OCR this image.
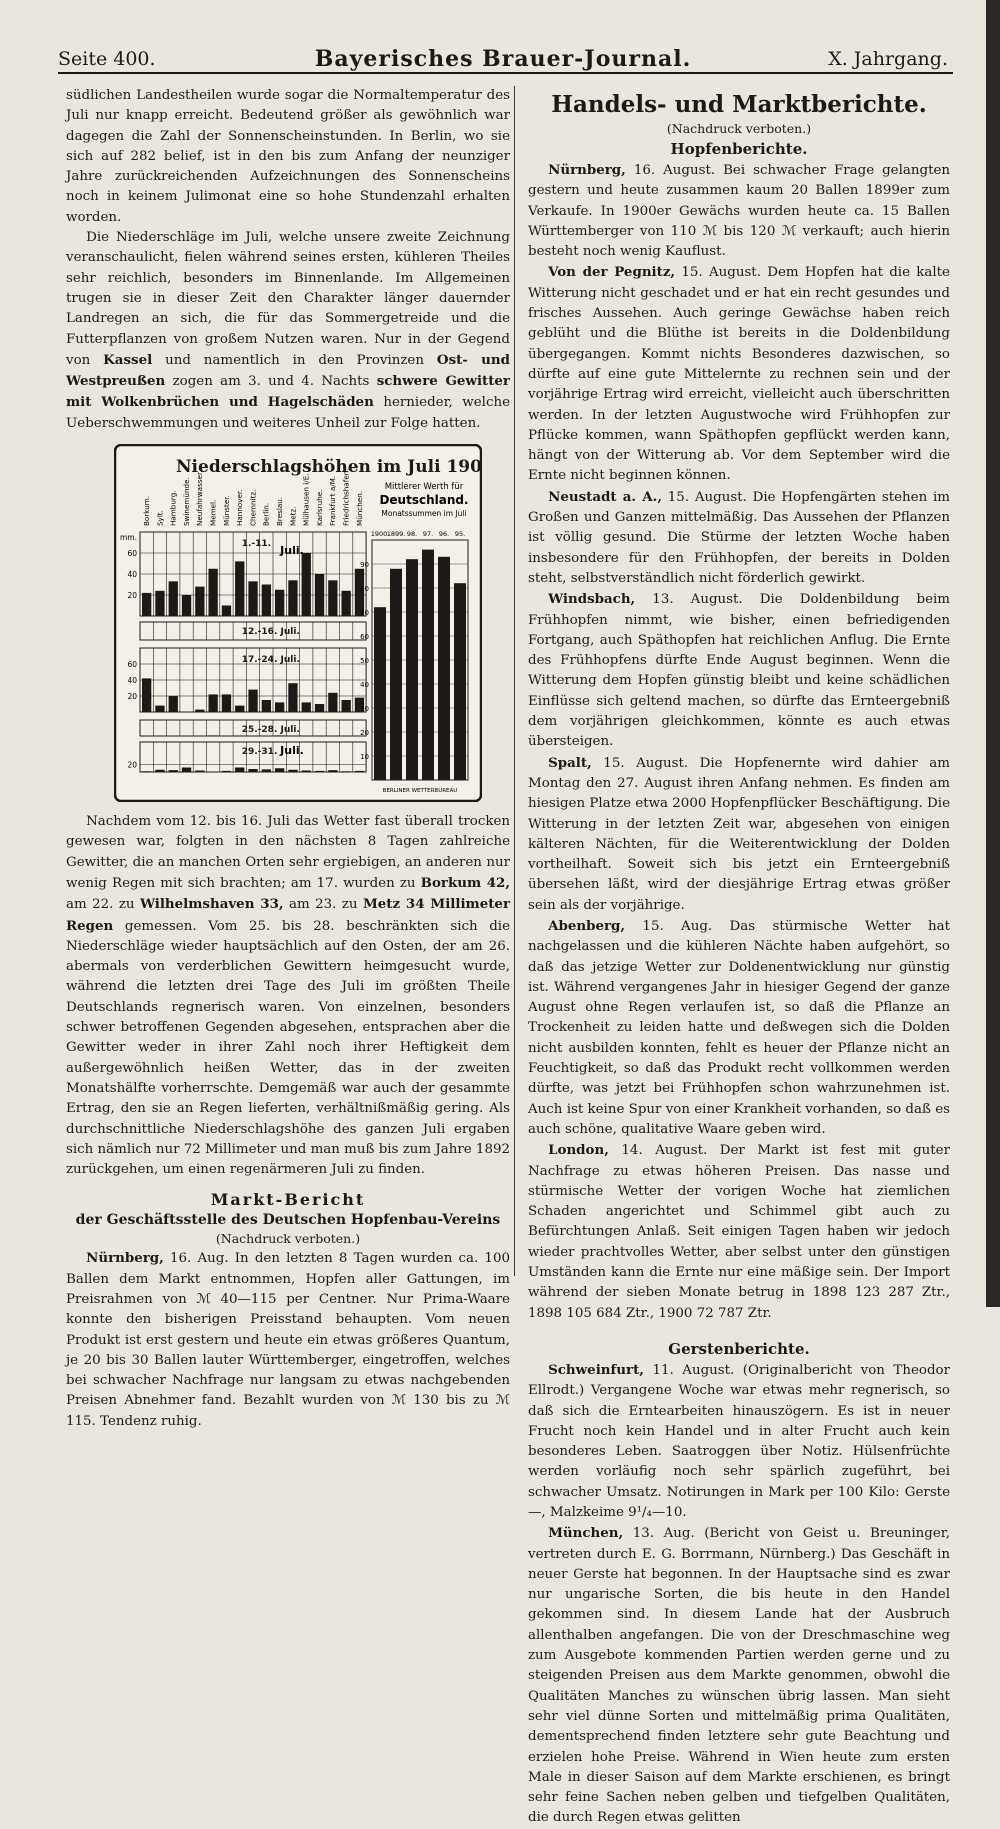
Seite 400.	Bayerisches Brauer-Journal.	X. Jahrgang.

südlichen Landestheilen wurde sogar die Normaltemperatur des Juli nur knapp erreicht. Bedeutend größer als gewöhnlich war dagegen die Zahl der Sonnenscheinstunden. In Berlin, wo sie sich auf 282 belief, ist in den bis zum Anfang der neunziger Jahre zurückreichenden Aufzeichnungen des Sonnenscheins noch in keinem Julimonat eine so hohe Stundenzahl erhalten worden.

Die Niederschläge im Juli, welche unsere zweite Zeichnung veranschaulicht, fielen während seines ersten, kühleren Theiles sehr reichlich, besonders im Binnenlande. Im Allgemeinen trugen sie in dieser Zeit den Charakter länger dauernder Landregen an sich, die für das Sommergetreide und die Futterpflanzen von großem Nutzen waren. Nur in der Gegend von Kassel und namentlich in den Provinzen Ost- und Westpreußen zogen am 3. und 4. Nachts schwere Gewitter mit Wolkenbrüchen und Hagelschäden hernieder, welche Ueberschwemmungen und weiteres Unheil zur Folge hatten.

Niederschlagshöhen im Juli 1900.
Mittlerer Werth für
Deutschland.
Monatssummen im Juli
Borkum. Sylt. Hamburg. Swinemünde. Neufahrwasser. Memel. Münster. Hannover. Chemnitz. Berlin. Breslau. Metz. Mülhausen i/E. Karlsruhe. Frankfurt a/M. Friedrichshafen. München.
20
40
60
1.-11. Juli.
12.-16. Juli.
20
40
60	17.-24. Juli.
25.-28. Juli.
20
29.-31. Juli.
mm.	1900.
1899. 98. 97. 96. 95.
10
20
30
40
50
60
70
80
90
BERLINER WETTERBUREAU

Nachdem vom 12. bis 16. Juli das Wetter fast überall trocken gewesen war, folgten in den nächsten 8 Tagen zahlreiche Gewitter, die an manchen Orten sehr ergiebigen, an anderen nur wenig Regen mit sich brachten; am 17. wurden zu Borkum 42, am 22. zu Wilhelmshaven 33, am 23. zu Metz 34 Millimeter Regen gemessen. Vom 25. bis 28. beschränkten sich die Niederschläge wieder hauptsächlich auf den Osten, der am 26. abermals von verderblichen Gewittern heimgesucht wurde, während die letzten drei Tage des Juli im größten Theile Deutschlands regnerisch waren. Von einzelnen, besonders schwer betroffenen Gegenden abgesehen, entsprachen aber die Gewitter weder in ihrer Zahl noch ihrer Heftigkeit dem außergewöhnlich heißen Wetter, das in der zweiten Monatshälfte vorherrschte. Demgemäß war auch der gesammte Ertrag, den sie an Regen lieferten, verhältnißmäßig gering. Als durchschnittliche Niederschlagshöhe des ganzen Juli ergaben sich nämlich nur 72 Millimeter und man muß bis zum Jahre 1892 zurückgehen, um einen regenärmeren Juli zu finden.

Markt-Bericht
der Geschäftsstelle des Deutschen Hopfenbau-Vereins
(Nachdruck verboten.)

Nürnberg, 16. Aug. In den letzten 8 Tagen wurden ca. 100 Ballen dem Markt entnommen, Hopfen aller Gattungen, im Preisrahmen von ℳ 40—115 per Centner. Nur Prima-Waare konnte den bisherigen Preisstand behaupten. Vom neuen Produkt ist erst gestern und heute ein etwas größeres Quantum, je 20 bis 30 Ballen lauter Württemberger, eingetroffen, welches bei schwacher Nachfrage nur langsam zu etwas nachgebenden Preisen Abnehmer fand. Bezahlt wurden von ℳ 130 bis zu ℳ 115. Tendenz ruhig.

Handels- und Marktberichte.
(Nachdruck verboten.)
Hopfenberichte.

Nürnberg, 16. August. Bei schwacher Frage gelangten gestern und heute zusammen kaum 20 Ballen 1899er zum Verkaufe. In 1900er Gewächs wurden heute ca. 15 Ballen Württemberger von 110 ℳ bis 120 ℳ verkauft; auch hierin besteht noch wenig Kauflust.

Von der Pegnitz, 15. August. Dem Hopfen hat die kalte Witterung nicht geschadet und er hat ein recht gesundes und frisches Aussehen. Auch geringe Gewächse haben reich geblüht und die Blüthe ist bereits in die Doldenbildung übergegangen. Kommt nichts Besonderes dazwischen, so dürfte auf eine gute Mittelernte zu rechnen sein und der vorjährige Ertrag wird erreicht, vielleicht auch überschritten werden. In der letzten Augustwoche wird Frühhopfen zur Pflücke kommen, wann Späthopfen gepflückt werden kann, hängt von der Witterung ab. Vor dem September wird die Ernte nicht beginnen können.

Neustadt a. A., 15. August. Die Hopfengärten stehen im Großen und Ganzen mittelmäßig. Das Aussehen der Pflanzen ist völlig gesund. Die Stürme der letzten Woche haben insbesondere für den Frühhopfen, der bereits in Dolden steht, selbstverständlich nicht förderlich gewirkt.

Windsbach, 13. August. Die Doldenbildung beim Frühhopfen nimmt, wie bisher, einen befriedigenden Fortgang, auch Späthopfen hat reichlichen Anflug. Die Ernte des Frühhopfens dürfte Ende August beginnen. Wenn die Witterung dem Hopfen günstig bleibt und keine schädlichen Einflüsse sich geltend machen, so dürfte das Ernteergebniß dem vorjährigen gleichkommen, könnte es auch etwas übersteigen.

Spalt, 15. August. Die Hopfenernte wird dahier am Montag den 27. August ihren Anfang nehmen. Es finden am hiesigen Platze etwa 2000 Hopfenpflücker Beschäftigung. Die Witterung in der letzten Zeit war, abgesehen von einigen kälteren Nächten, für die Weiterentwicklung der Dolden vortheilhaft. Soweit sich bis jetzt ein Ernteergebniß übersehen läßt, wird der diesjährige Ertrag etwas größer sein als der vorjährige.

Abenberg, 15. Aug. Das stürmische Wetter hat nachgelassen und die kühleren Nächte haben aufgehört, so daß das jetzige Wetter zur Doldenentwicklung nur günstig ist. Während vergangenes Jahr in hiesiger Gegend der ganze August ohne Regen verlaufen ist, so daß die Pflanze an Trockenheit zu leiden hatte und deßwegen sich die Dolden nicht ausbilden konnten, fehlt es heuer der Pflanze nicht an Feuchtigkeit, so daß das Produkt recht vollkommen werden dürfte, was jetzt bei Frühhopfen schon wahrzunehmen ist. Auch ist keine Spur von einer Krankheit vorhanden, so daß es auch schöne, qualitative Waare geben wird.

London, 14. August. Der Markt ist fest mit guter Nachfrage zu etwas höheren Preisen. Das nasse und stürmische Wetter der vorigen Woche hat ziemlichen Schaden angerichtet und Schimmel gibt auch zu Befürchtungen Anlaß. Seit einigen Tagen haben wir jedoch wieder prachtvolles Wetter, aber selbst unter den günstigen Umständen kann die Ernte nur eine mäßige sein. Der Import während der sieben Monate betrug in 1898 123 287 Ztr., 1898 105 684 Ztr., 1900 72 787 Ztr.

Gerstenberichte.

Schweinfurt, 11. August. (Originalbericht von Theodor Ellrodt.) Vergangene Woche war etwas mehr regnerisch, so daß sich die Erntearbeiten hinauszögern. Es ist in neuer Frucht noch kein Handel und in alter Frucht auch kein besonderes Leben. Saatroggen über Notiz. Hülsenfrüchte werden vorläufig noch sehr spärlich zugeführt, bei schwacher Umsatz. Notirungen in Mark per 100 Kilo: Gerste —, Malzkeime 9¹/₄—10.

München, 13. Aug. (Bericht von Geist u. Breuninger, vertreten durch E. G. Borrmann, Nürnberg.) Das Geschäft in neuer Gerste hat begonnen. In der Hauptsache sind es zwar nur ungarische Sorten, die bis heute in den Handel gekommen sind. In diesem Lande hat der Ausbruch allenthalben angefangen. Die von der Dreschmaschine weg zum Ausgebote kommenden Partien werden gerne und zu steigenden Preisen aus dem Markte genommen, obwohl die Qualitäten Manches zu wünschen übrig lassen. Man sieht sehr viel dünne Sorten und mittelmäßig prima Qualitäten, dementsprechend finden letztere sehr gute Beachtung und erzielen hohe Preise. Während in Wien heute zum ersten Male in dieser Saison auf dem Markte erschienen, es bringt sehr feine Sachen neben gelben und tiefgelben Qualitäten, die durch Regen etwas gelitten
